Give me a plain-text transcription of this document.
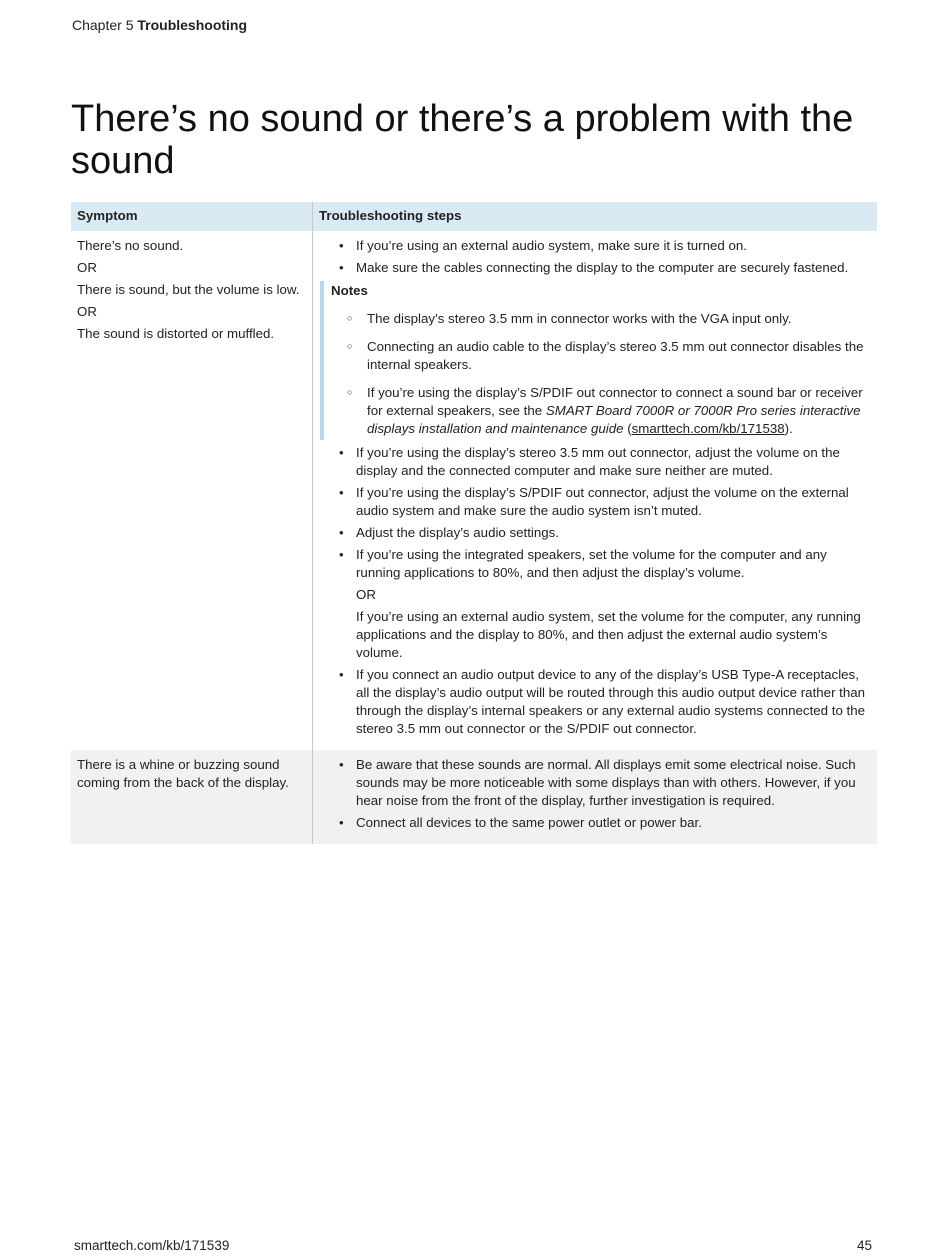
Chapter 5 Troubleshooting
There’s no sound or there’s a problem with the sound
Symptom	Troubleshooting steps

There’s no sound.

OR

There is sound, but the volume is low.

OR

The sound is distorted or muffled.

• If you’re using an external audio system, make sure it is turned on.
• Make sure the cables connecting the display to the computer are securely fastened.
Notes
○ The display’s stereo 3.5 mm in connector works with the VGA input only.
○ Connecting an audio cable to the display’s stereo 3.5 mm out connector disables the internal speakers.
○ If you’re using the display’s S/PDIF out connector to connect a sound bar or receiver for external speakers, see the SMART Board 7000R or 7000R Pro series interactive displays installation and maintenance guide (smarttech.com/kb/171538).
• If you’re using the display’s stereo 3.5 mm out connector, adjust the volume on the display and the connected computer and make sure neither are muted.
• If you’re using the display’s S/PDIF out connector, adjust the volume on the external audio system and make sure the audio system isn’t muted.
• Adjust the display’s audio settings.
• If you’re using the integrated speakers, set the volume for the computer and any running applications to 80%, and then adjust the display’s volume.
OR
If you’re using an external audio system, set the volume for the computer, any running applications and the display to 80%, and then adjust the external audio system’s volume.
• If you connect an audio output device to any of the display’s USB Type-A receptacles, all the display’s audio output will be routed through this audio output device rather than through the display’s internal speakers or any external audio systems connected to the stereo 3.5 mm out connector or the S/PDIF out connector.

There is a whine or buzzing sound coming from the back of the display.

• Be aware that these sounds are normal. All displays emit some electrical noise. Such sounds may be more noticeable with some displays than with others. However, if you hear noise from the front of the display, further investigation is required.
• Connect all devices to the same power outlet or power bar.
smarttech.com/kb/171539	45
